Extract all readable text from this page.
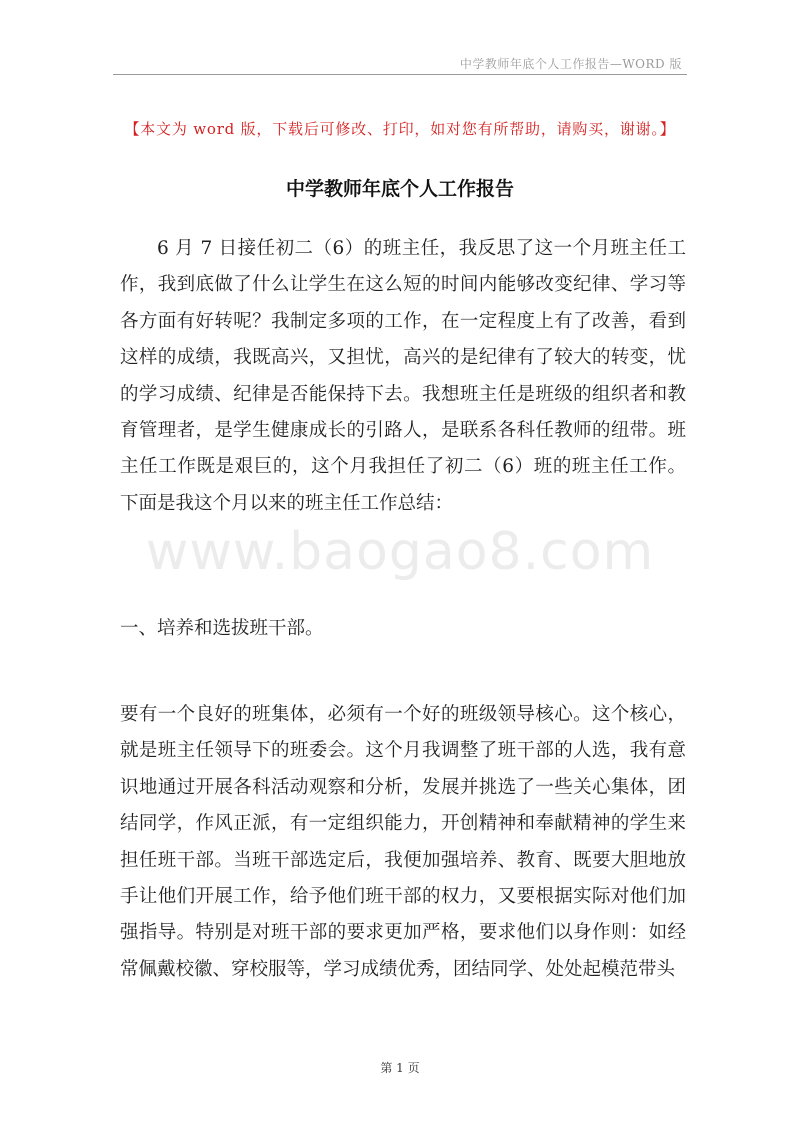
中学教师年底个人工作报告—WORD 版
【本文为 word 版，下载后可修改、打印，如对您有所帮助，请购买，谢谢。】
中学教师年底个人工作报告
www.baogao8.com

6 月 7 日接任初二（6）的班主任，我反思了这一个月班主任工作，我到底做了什么让学生在这么短的时间内能够改变纪律、学习等各方面有好转呢？我制定多项的工作，在一定程度上有了改善，看到这样的成绩，我既高兴，又担忧，高兴的是纪律有了较大的转变，忧的学习成绩、纪律是否能保持下去。我想班主任是班级的组织者和教育管理者，是学生健康成长的引路人，是联系各科任教师的纽带。班主任工作既是艰巨的，这个月我担任了初二（6）班的班主任工作。下面是我这个月以来的班主任工作总结：

一、培养和选拔班干部。

要有一个良好的班集体，必须有一个好的班级领导核心。这个核心，就是班主任领导下的班委会。这个月我调整了班干部的人选，我有意识地通过开展各科活动观察和分析，发展并挑选了一些关心集体，团结同学，作风正派，有一定组织能力，开创精神和奉献精神的学生来担任班干部。当班干部选定后，我便加强培养、教育、既要大胆地放手让他们开展工作，给予他们班干部的权力，又要根据实际对他们加强指导。特别是对班干部的要求更加严格，要求他们以身作则：如经常佩戴校徽、穿校服等，学习成绩优秀，团结同学、处处起模范带头

第 1 页
